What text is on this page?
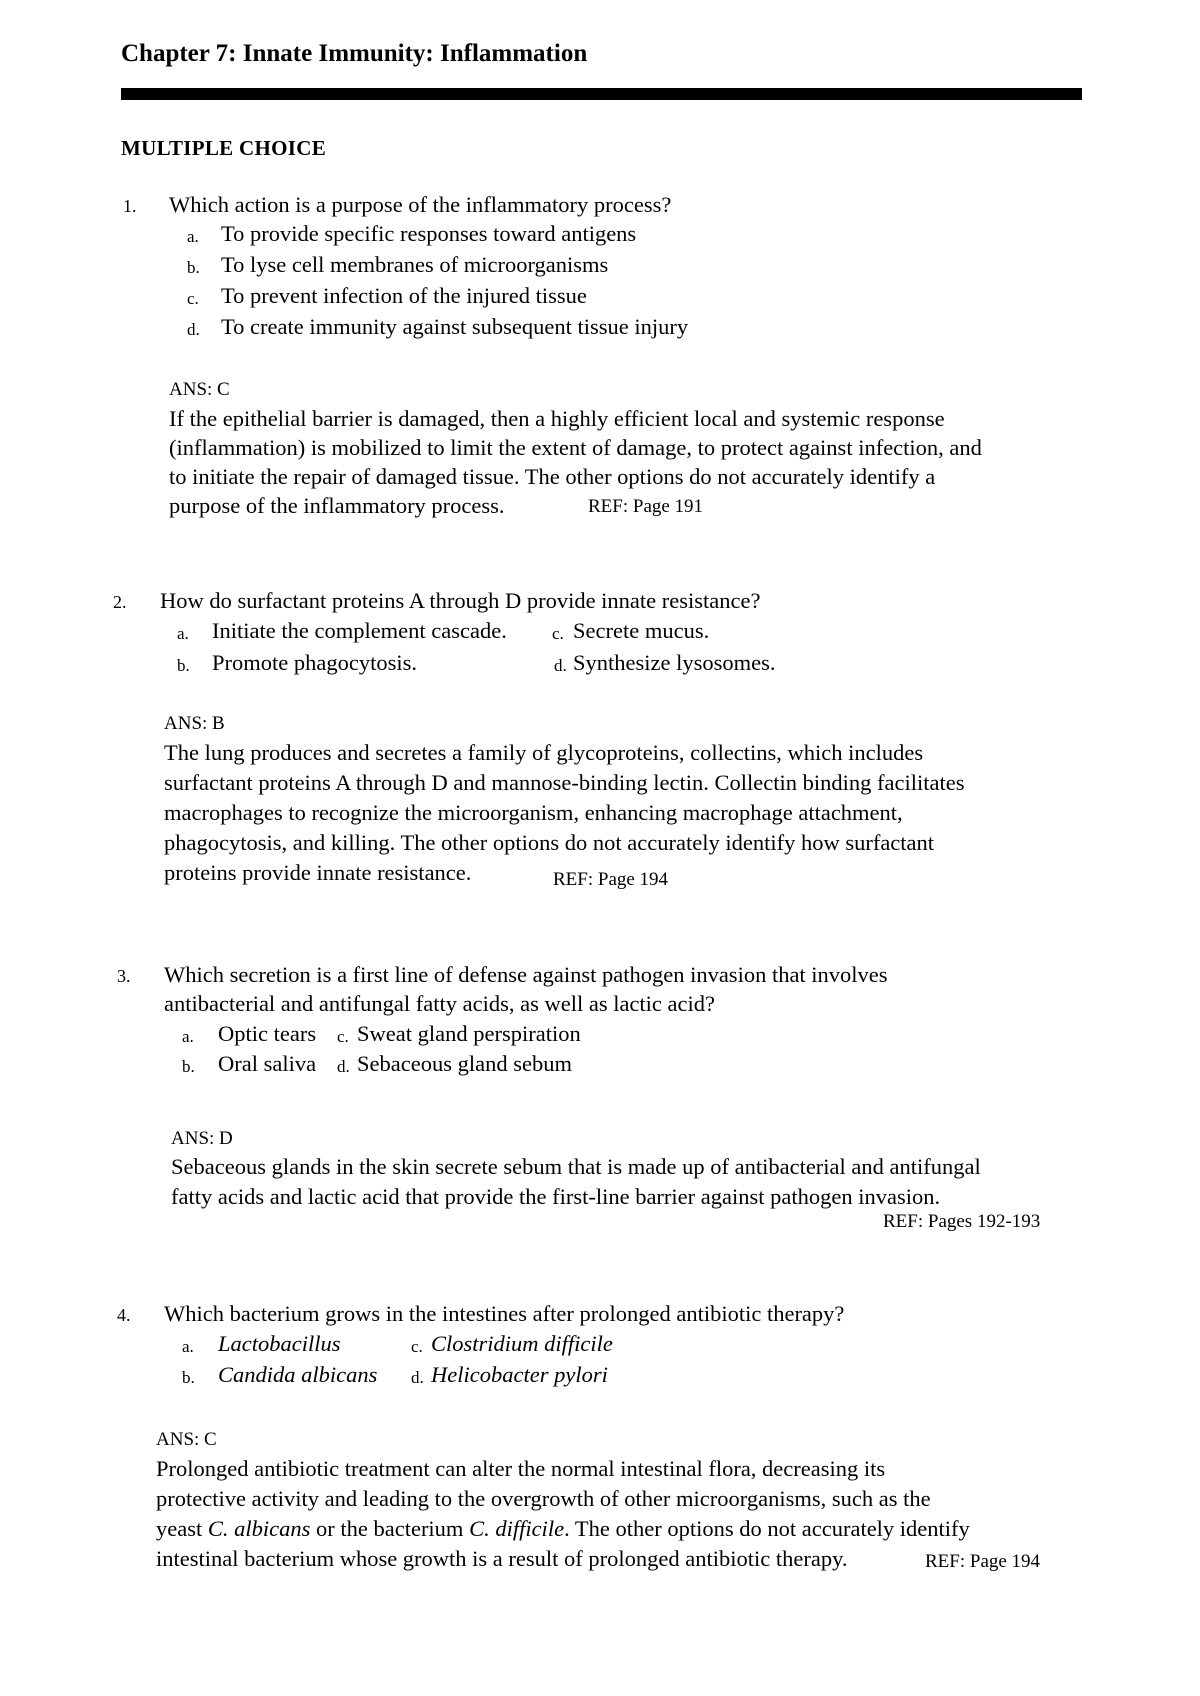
Chapter 7: Innate Immunity: Inflammation
MULTIPLE CHOICE
1. Which action is a purpose of the inflammatory process?
a. To provide specific responses toward antigens
b. To lyse cell membranes of microorganisms
c. To prevent infection of the injured tissue
d. To create immunity against subsequent tissue injury
ANS: C
If the epithelial barrier is damaged, then a highly efficient local and systemic response
(inflammation) is mobilized to limit the extent of damage, to protect against infection, and
to initiate the repair of damaged tissue. The other options do not accurately identify a
purpose of the inflammatory process.	REF: Page 191
2. How do surfactant proteins A through D provide innate resistance?
a. Initiate the complement cascade.
b. Promote phagocytosis.
c. Secrete mucus.
d. Synthesize lysosomes.
ANS: B
The lung produces and secretes a family of glycoproteins, collectins, which includes
surfactant proteins A through D and mannose-binding lectin. Collectin binding facilitates
macrophages to recognize the microorganism, enhancing macrophage attachment,
phagocytosis, and killing. The other options do not accurately identify how surfactant
proteins provide innate resistance.	REF: Page 194
3. Which secretion is a first line of defense against pathogen invasion that involves
antibacterial and antifungal fatty acids, as well as lactic acid?
a. Optic tears
b. Oral saliva
c. Sweat gland perspiration
d. Sebaceous gland sebum
ANS: D
Sebaceous glands in the skin secrete sebum that is made up of antibacterial and antifungal
fatty acids and lactic acid that provide the first-line barrier against pathogen invasion.
REF: Pages 192-193
4. Which bacterium grows in the intestines after prolonged antibiotic therapy?
a. Lactobacillus
b. Candida albicans
c. Clostridium difficile
d. Helicobacter pylori
ANS: C
Prolonged antibiotic treatment can alter the normal intestinal flora, decreasing its
protective activity and leading to the overgrowth of other microorganisms, such as the
yeast C. albicans or the bacterium C. difficile. The other options do not accurately identify
intestinal bacterium whose growth is a result of prolonged antibiotic therapy.	REF: Page 194
